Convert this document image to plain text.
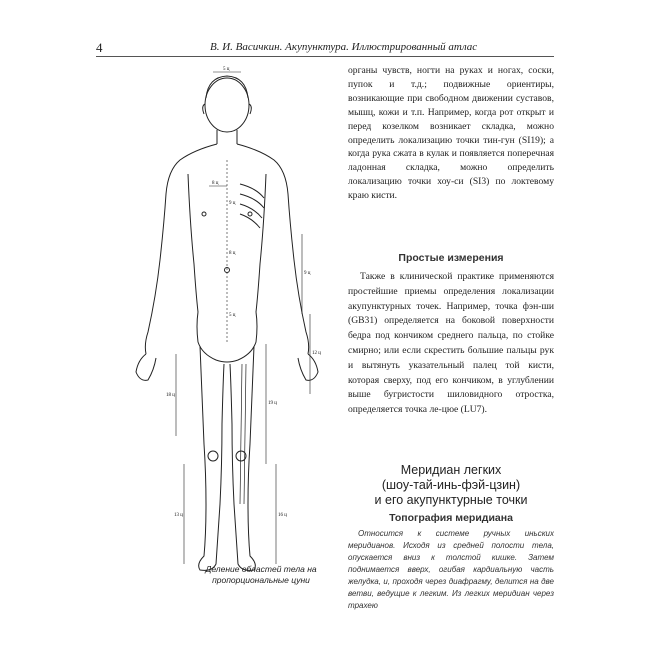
4	В. И. Васичкин. Акупунктура. Иллюстрированный атлас
5 ц
8 ц
9 ц
8 ц
5 ц
9 ц
12 ц
18 ц
19 ц
13 ц	16 ц
Деление областей тела на пропорциональные цуни
органы чувств, ногти на руках и ногах, соски, пупок и т.д.; подвижные ориентиры, возникающие при свободном движении суставов, мышц, кожи и т.п. Например, когда рот открыт и перед козелком возникает складка, можно определить локализацию точки тин-гун (SI19); а когда рука сжата в кулак и появляется поперечная ладонная складка, можно определить локализацию точки хоу-си (SI3) по локтевому краю кисти.
Простые измерения
Также в клинической практике применяются простейшие приемы определения локализации акупунктурных точек. Например, точка фэн-ши (GB31) определяется на боковой поверхности бедра под кончиком среднего пальца, по стойке смирно; или если скрестить большие пальцы рук и вытянуть указательный палец той кисти, которая сверху, под его кончиком, в углублении выше бугристости шиловидного отростка, определяется точка ле-цюе (LU7).
Меридиан легких
(шоу-тай-инь-фэй-цзин)
и его акупунктурные точки
Топография меридиана
Относится к системе ручных иньских меридианов. Исходя из средней полости тела, опускается вниз к толстой кишке. Затем поднимается вверх, огибая кардиальную часть желудка, и, проходя через диафрагму, делится на две ветви, ведущие к легким. Из легких меридиан через трахею
